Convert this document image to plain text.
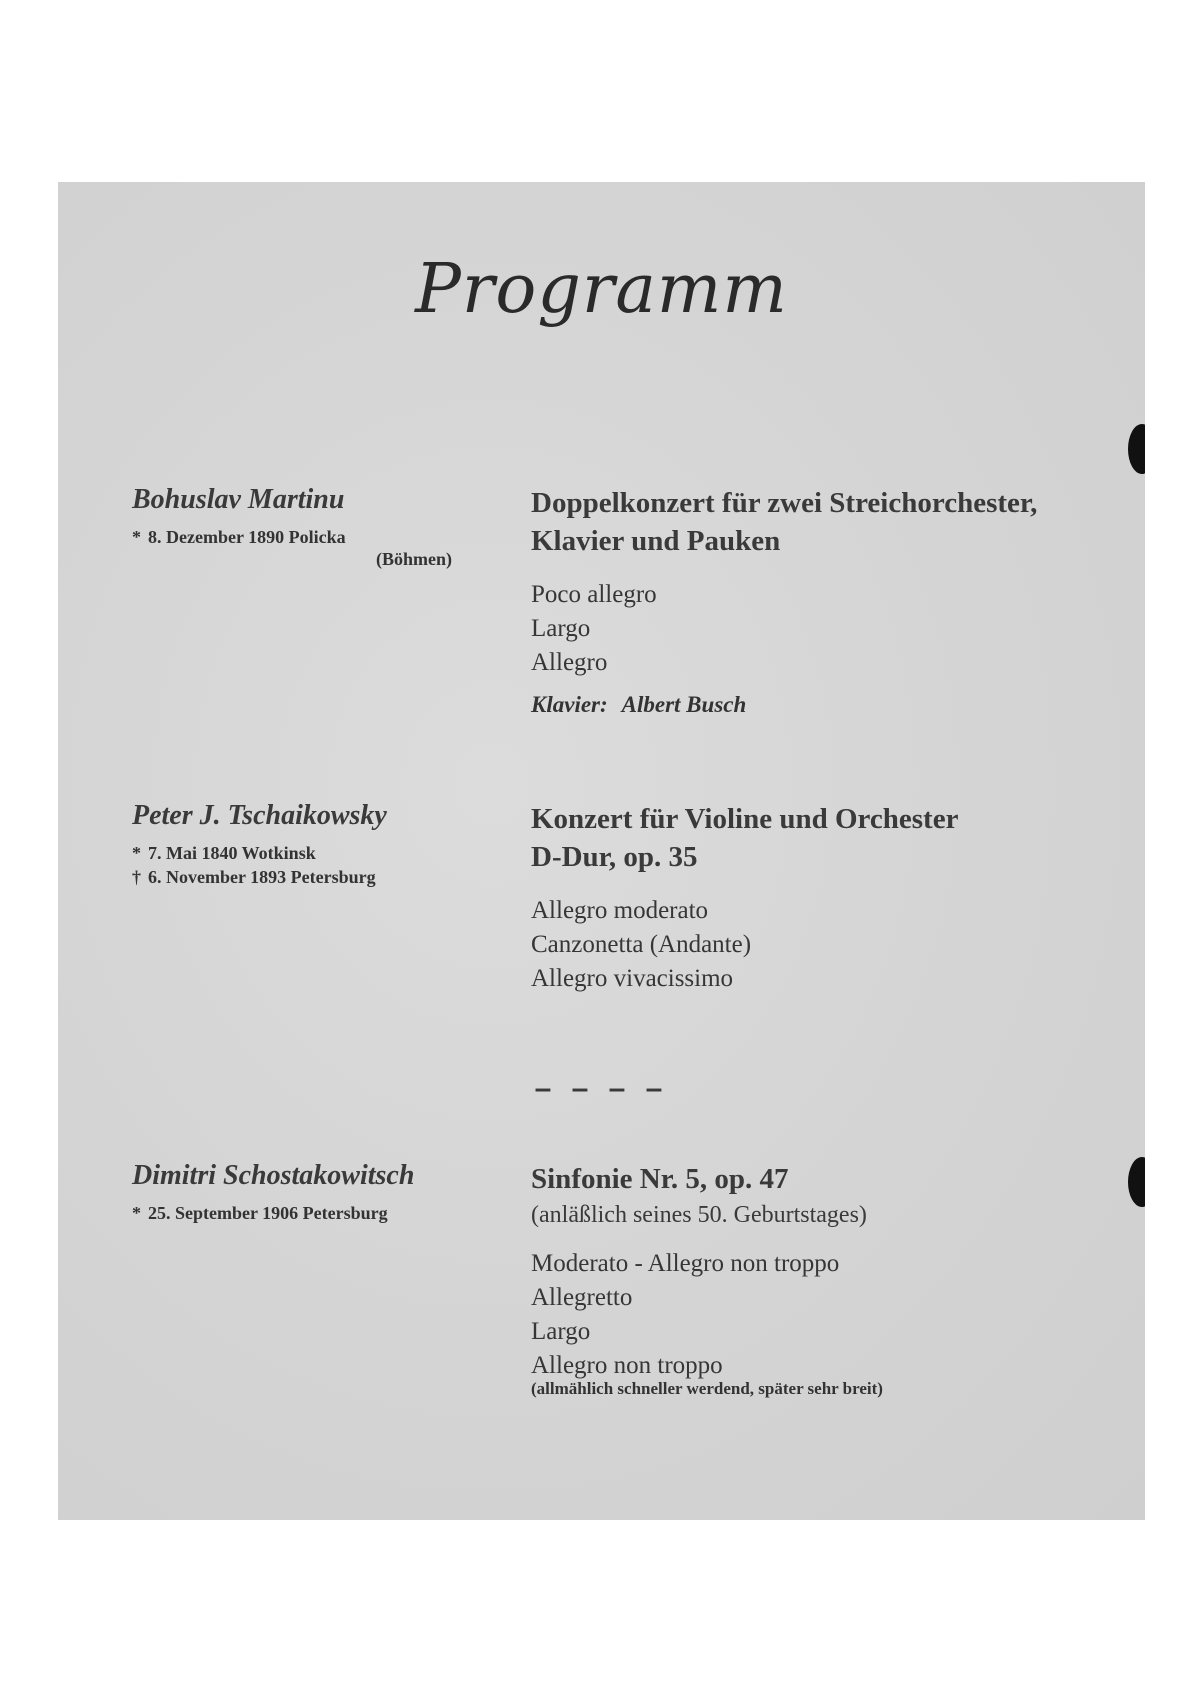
Programm
Bohuslav Martinu
* 8. Dezember 1890 Policka
(Böhmen)
Doppelkonzert für zwei Streichorchester,
Klavier und Pauken
Poco allegro
Largo
Allegro
Klavier: Albert Busch
Peter J. Tschaikowsky
* 7. Mai 1840 Wotkinsk
† 6. November 1893 Petersburg
Konzert für Violine und Orchester
D-Dur, op. 35
Allegro moderato
Canzonetta (Andante)
Allegro vivacissimo
– – – –
Dimitri Schostakowitsch
* 25. September 1906 Petersburg
Sinfonie Nr. 5, op. 47
(anläßlich seines 50. Geburtstages)
Moderato - Allegro non troppo
Allegretto
Largo
Allegro non troppo
(allmählich schneller werdend, später sehr breit)
